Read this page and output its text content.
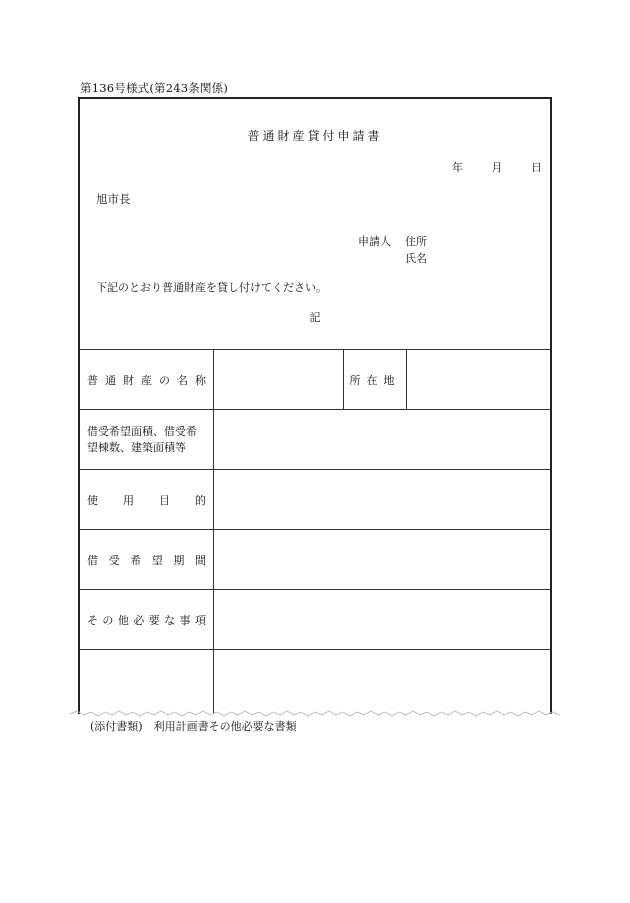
第136号様式(第243条関係)
普通財産貸付申請書
年	月	日
旭市長
申請人 住所
氏名
下記のとおり普通財産を貸し付けてください。
記
普 通 財 産 の 名 称	所在地
借受希望面積、借受希
望棟数、建築面積等
使 用 目 的
借 受 希 望 期 間
そ の 他 必 要 な 事 項
(添付書類)　利用計画書その他必要な書類
